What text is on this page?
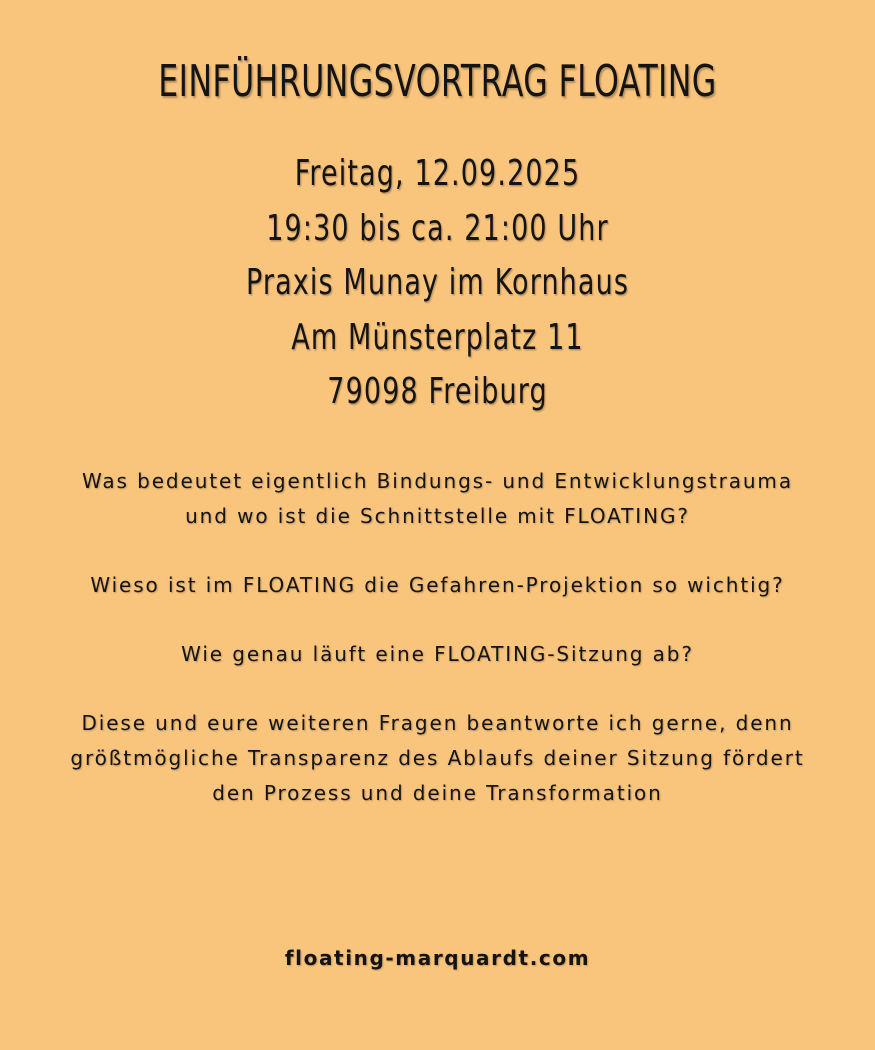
EINFÜHRUNGSVORTRAG FLOATING
Freitag, 12.09.2025
19:30 bis ca. 21:00 Uhr
Praxis Munay im Kornhaus
Am Münsterplatz 11
79098 Freiburg

Was bedeutet eigentlich Bindungs- und Entwicklungstrauma und wo ist die Schnittstelle mit FLOATING?

Wieso ist im FLOATING die Gefahren-Projektion so wichtig?

Wie genau läuft eine FLOATING-Sitzung ab?

Diese und eure weiteren Fragen beantworte ich gerne, denn größtmögliche Transparenz des Ablaufs deiner Sitzung fördert den Prozess und deine Transformation

floating-marquardt.com
